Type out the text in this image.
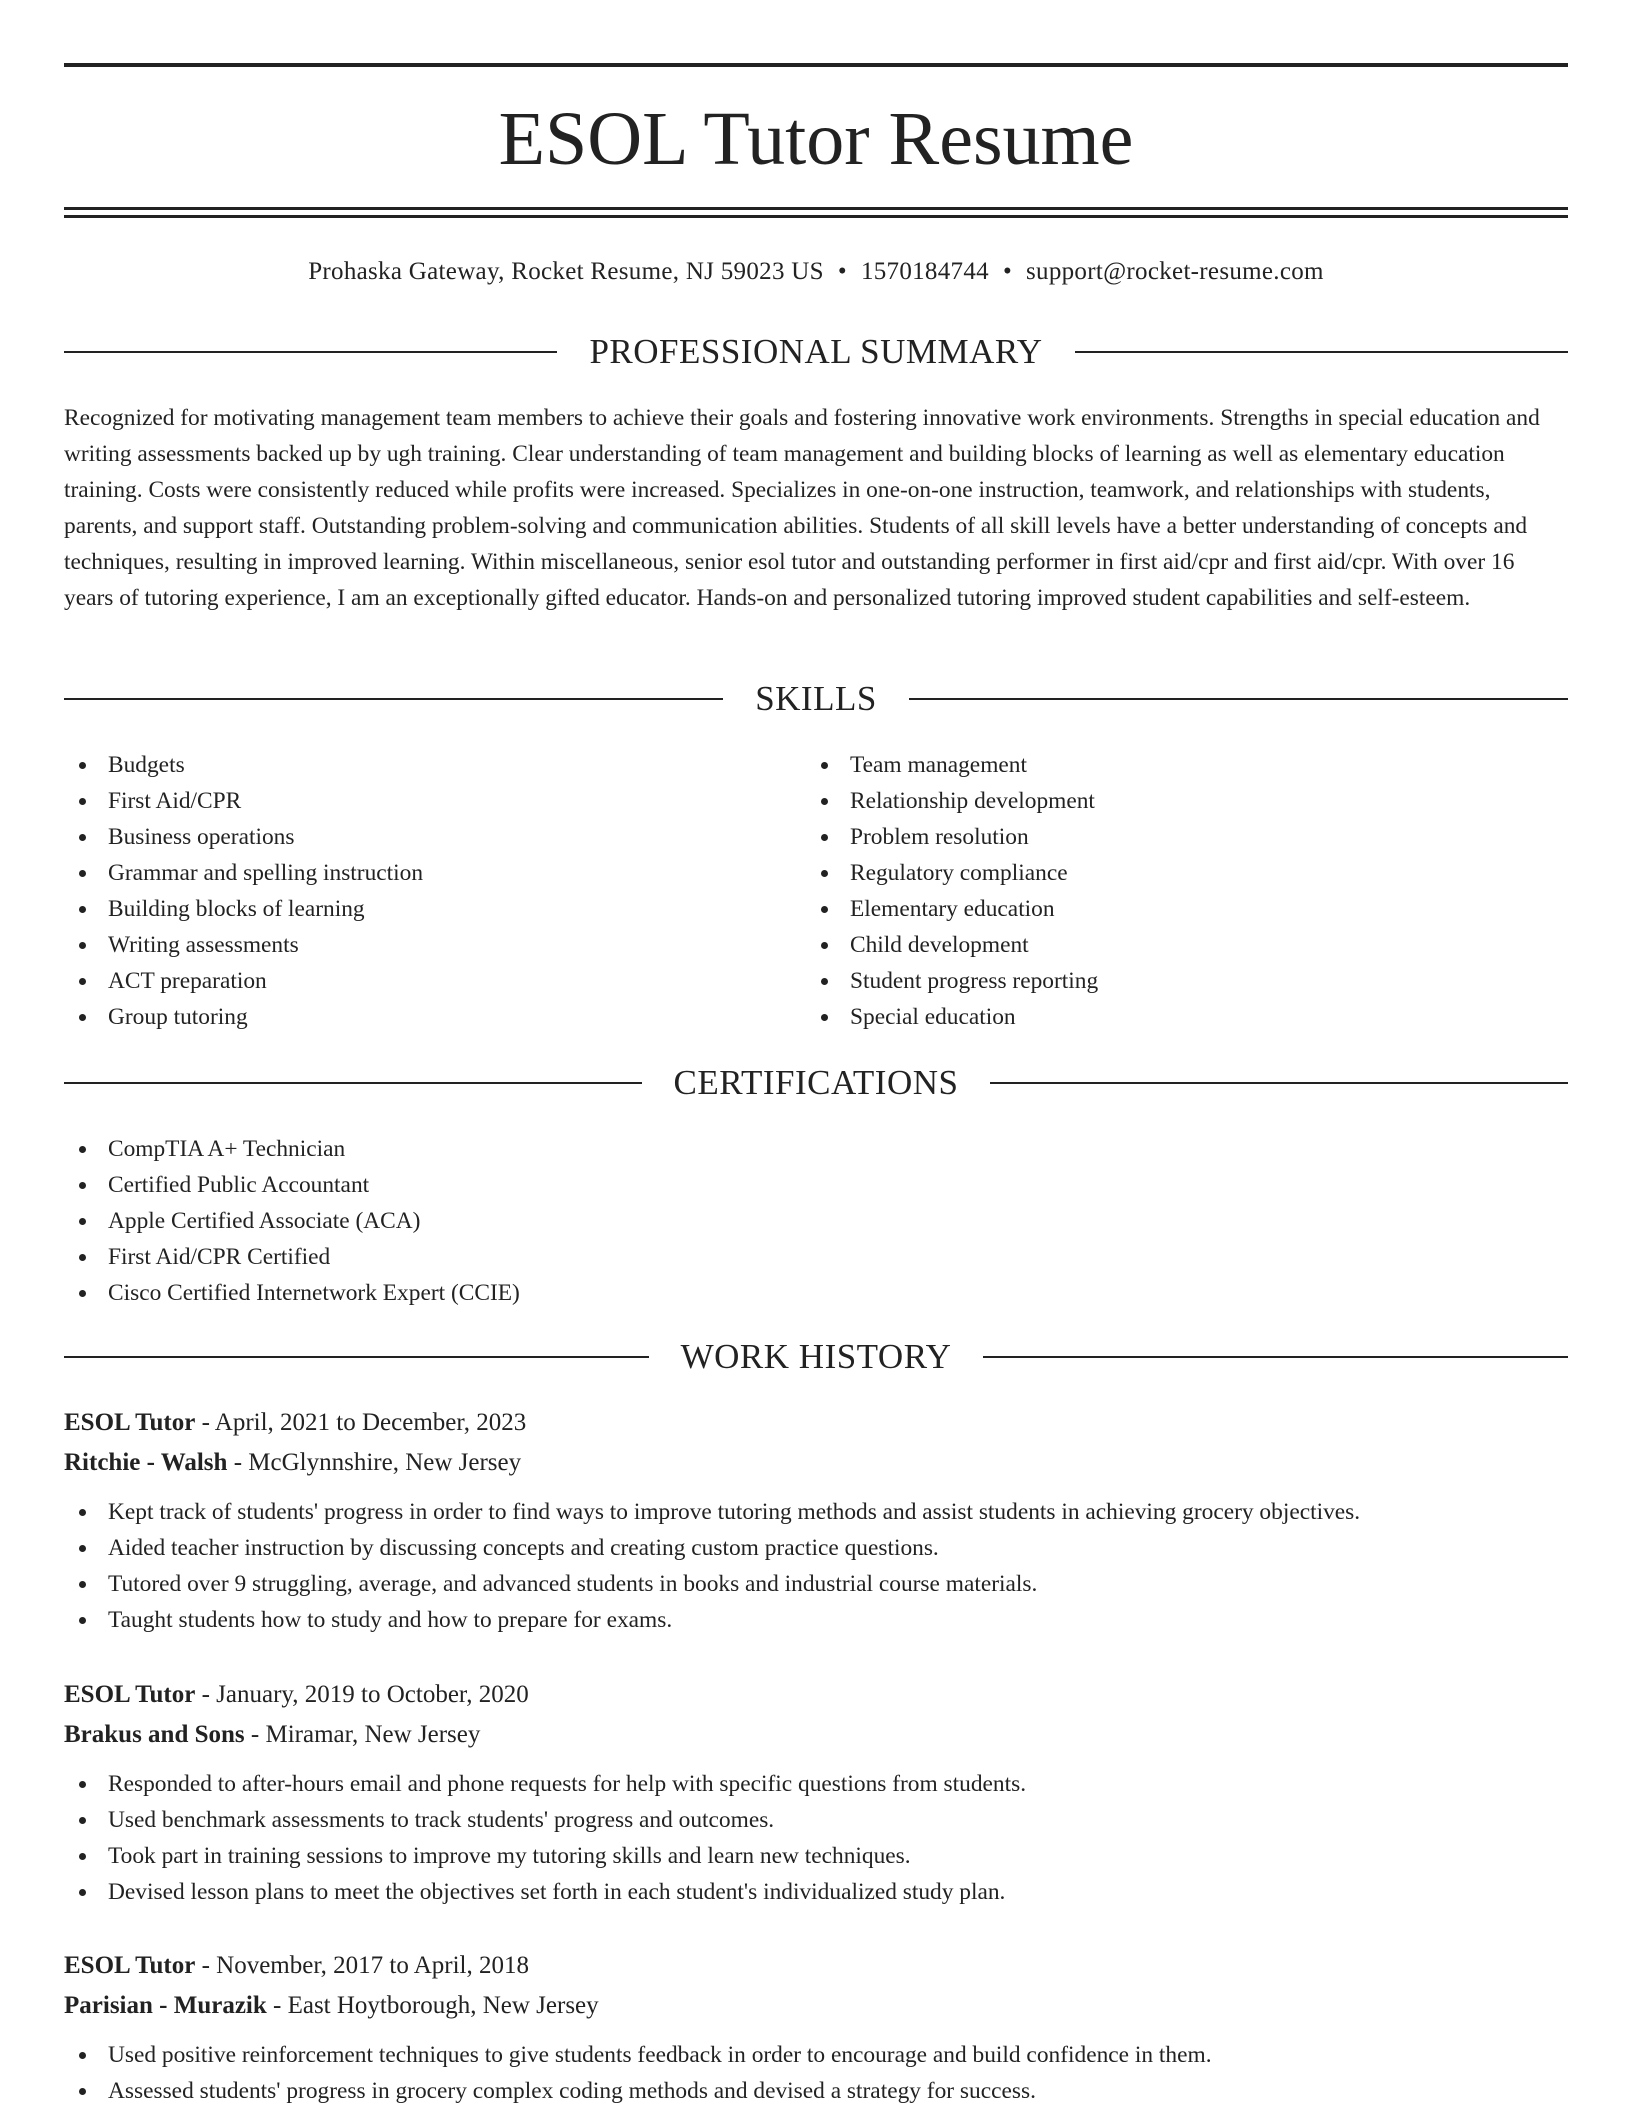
ESOL Tutor Resume
Prohaska Gateway, Rocket Resume, NJ 59023 US • 1570184744 • support@rocket-resume.com
PROFESSIONAL SUMMARY

Recognized for motivating management team members to achieve their goals and fostering innovative work environments. Strengths in special education and writing assessments backed up by ugh training. Clear understanding of team management and building blocks of learning as well as elementary education training. Costs were consistently reduced while profits were increased. Specializes in one-on-one instruction, teamwork, and relationships with students, parents, and support staff. Outstanding problem-solving and communication abilities. Students of all skill levels have a better understanding of concepts and techniques, resulting in improved learning. Within miscellaneous, senior esol tutor and outstanding performer in first aid/cpr and first aid/cpr. With over 16 years of tutoring experience, I am an exceptionally gifted educator. Hands-on and personalized tutoring improved student capabilities and self-esteem.

SKILLS
Budgets
First Aid/CPR
Business operations
Grammar and spelling instruction
Building blocks of learning
Writing assessments
ACT preparation
Group tutoring
Team management
Relationship development
Problem resolution
Regulatory compliance
Elementary education
Child development
Student progress reporting
Special education
CERTIFICATIONS
CompTIA A+ Technician
Certified Public Accountant
Apple Certified Associate (ACA)
First Aid/CPR Certified
Cisco Certified Internetwork Expert (CCIE)
WORK HISTORY
ESOL Tutor - April, 2021 to December, 2023
Ritchie - Walsh - McGlynnshire, New Jersey
Kept track of students' progress in order to find ways to improve tutoring methods and assist students in achieving grocery objectives.
Aided teacher instruction by discussing concepts and creating custom practice questions.
Tutored over 9 struggling, average, and advanced students in books and industrial course materials.
Taught students how to study and how to prepare for exams.
ESOL Tutor - January, 2019 to October, 2020
Brakus and Sons - Miramar, New Jersey
Responded to after-hours email and phone requests for help with specific questions from students.
Used benchmark assessments to track students' progress and outcomes.
Took part in training sessions to improve my tutoring skills and learn new techniques.
Devised lesson plans to meet the objectives set forth in each student's individualized study plan.
ESOL Tutor - November, 2017 to April, 2018
Parisian - Murazik - East Hoytborough, New Jersey
Used positive reinforcement techniques to give students feedback in order to encourage and build confidence in them.
Assessed students' progress in grocery complex coding methods and devised a strategy for success.
